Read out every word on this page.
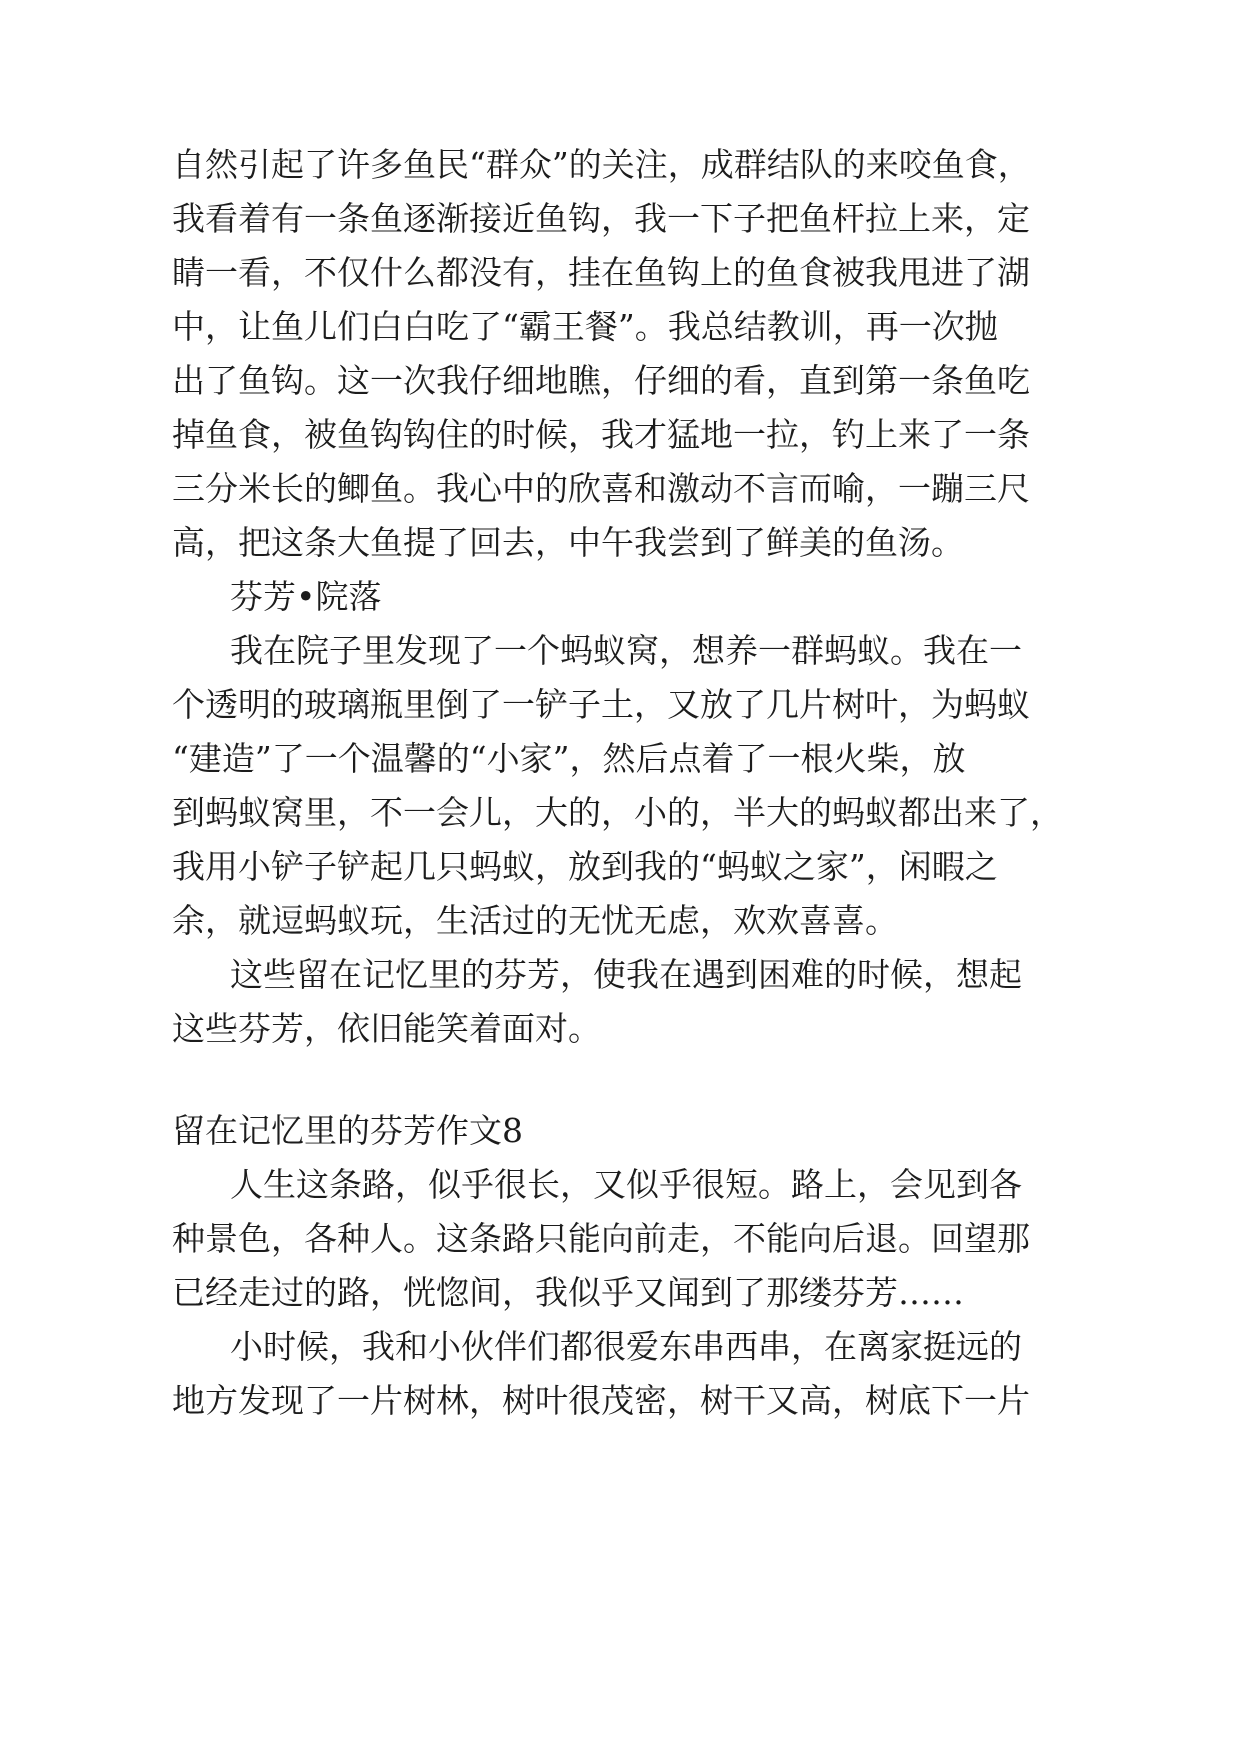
自然引起了许多鱼民“群众”的关注，成群结队的来咬鱼食，
我看着有一条鱼逐渐接近鱼钩，我一下子把鱼杆拉上来，定
睛一看，不仅什么都没有，挂在鱼钩上的鱼食被我甩进了湖
中，让鱼儿们白白吃了“霸王餐”。我总结教训，再一次抛
出了鱼钩。这一次我仔细地瞧，仔细的看，直到第一条鱼吃
掉鱼食，被鱼钩钩住的时候，我才猛地一拉，钓上来了一条
三分米长的鲫鱼。我心中的欣喜和激动不言而喻，一蹦三尺
高，把这条大鱼提了回去，中午我尝到了鲜美的鱼汤。
芬芳•院落
我在院子里发现了一个蚂蚁窝，想养一群蚂蚁。我在一
个透明的玻璃瓶里倒了一铲子土，又放了几片树叶，为蚂蚁
“建造”了一个温馨的“小家”，然后点着了一根火柴，放
到蚂蚁窝里，不一会儿，大的，小的，半大的蚂蚁都出来了，
我用小铲子铲起几只蚂蚁，放到我的“蚂蚁之家”，闲暇之
余，就逗蚂蚁玩，生活过的无忧无虑，欢欢喜喜。
这些留在记忆里的芬芳，使我在遇到困难的时候，想起
这些芬芳，依旧能笑着面对。
留在记忆里的芬芳作文8
人生这条路，似乎很长，又似乎很短。路上，会见到各
种景色，各种人。这条路只能向前走，不能向后退。回望那
已经走过的路，恍惚间，我似乎又闻到了那缕芬芳……
小时候，我和小伙伴们都很爱东串西串，在离家挺远的
地方发现了一片树林，树叶很茂密，树干又高，树底下一片
